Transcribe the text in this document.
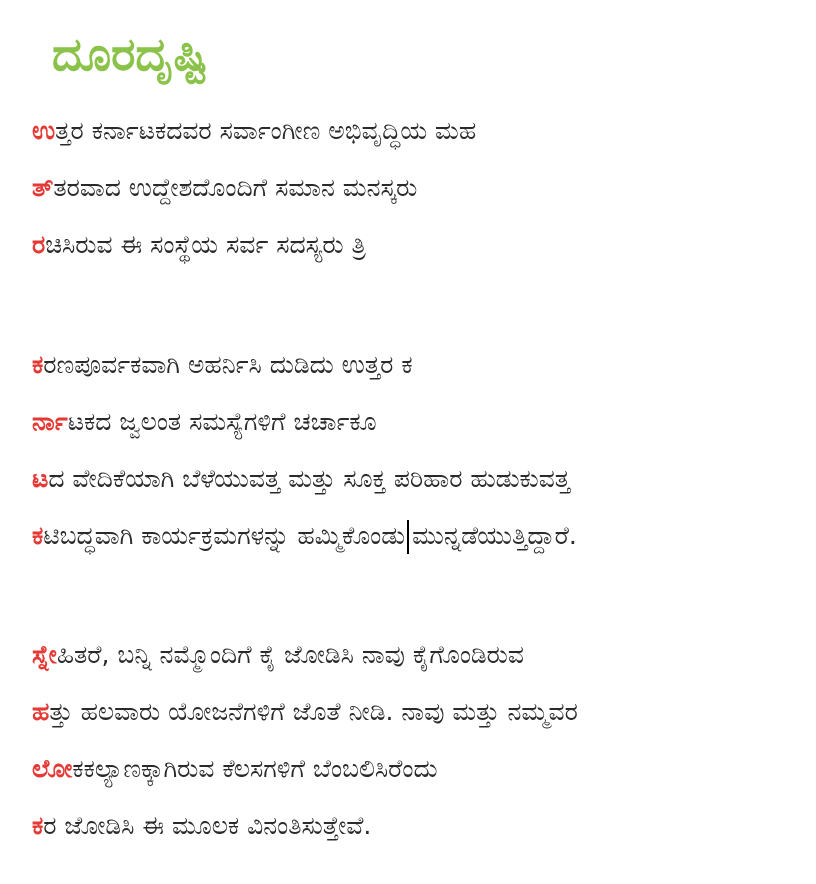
ದೂರದೃಷ್ಟಿ
ಉತ್ತರ ಕರ್ನಾಟಕದವರ ಸರ್ವಾಂಗೀಣ ಅಭಿವೃದ್ಧಿಯ ಮಹ
ತ್ತರವಾದ ಉದ್ದೇಶದೊಂದಿಗೆ ಸಮಾನ ಮನಸ್ಕರು
ರಚಿಸಿರುವ ಈ ಸಂಸ್ಥೆಯ ಸರ್ವ ಸದಸ್ಯರು ತ್ರಿ
ಕರಣಪೂರ್ವಕವಾಗಿ ಅಹರ್ನಿಸಿ ದುಡಿದು ಉತ್ತರ ಕ
ರ್ನಾಟಕದ ಜ್ವಲಂತ ಸಮಸ್ಯೆಗಳಿಗೆ ಚರ್ಚಾಕೂ
ಟದ ವೇದಿಕೆಯಾಗಿ ಬೆಳೆಯುವತ್ತ ಮತ್ತು ಸೂಕ್ತ ಪರಿಹಾರ ಹುಡುಕುವತ್ತ
ಕಟಿಬದ್ಧವಾಗಿ ಕಾರ್ಯಕ್ರಮಗಳನ್ನು ಹಮ್ಮಿಕೊಂಡು ಮುನ್ನಡೆಯುತ್ತಿದ್ದಾರೆ.
ಸ್ನೇಹಿತರೆ, ಬನ್ನಿ ನಮ್ಮೊಂದಿಗೆ ಕೈ ಜೋಡಿಸಿ ನಾವು ಕೈಗೊಂಡಿರುವ
ಹತ್ತು ಹಲವಾರು ಯೋಜನೆಗಳಿಗೆ ಜೊತೆ ನೀಡಿ. ನಾವು ಮತ್ತು ನಮ್ಮವರ
ಲೋಕಕಲ್ಯಾಣಕ್ಕಾಗಿರುವ ಕೆಲಸಗಳಿಗೆ ಬೆಂಬಲಿಸಿರೆಂದು
ಕರ ಜೋಡಿಸಿ ಈ ಮೂಲಕ ವಿನಂತಿಸುತ್ತೇವೆ.
